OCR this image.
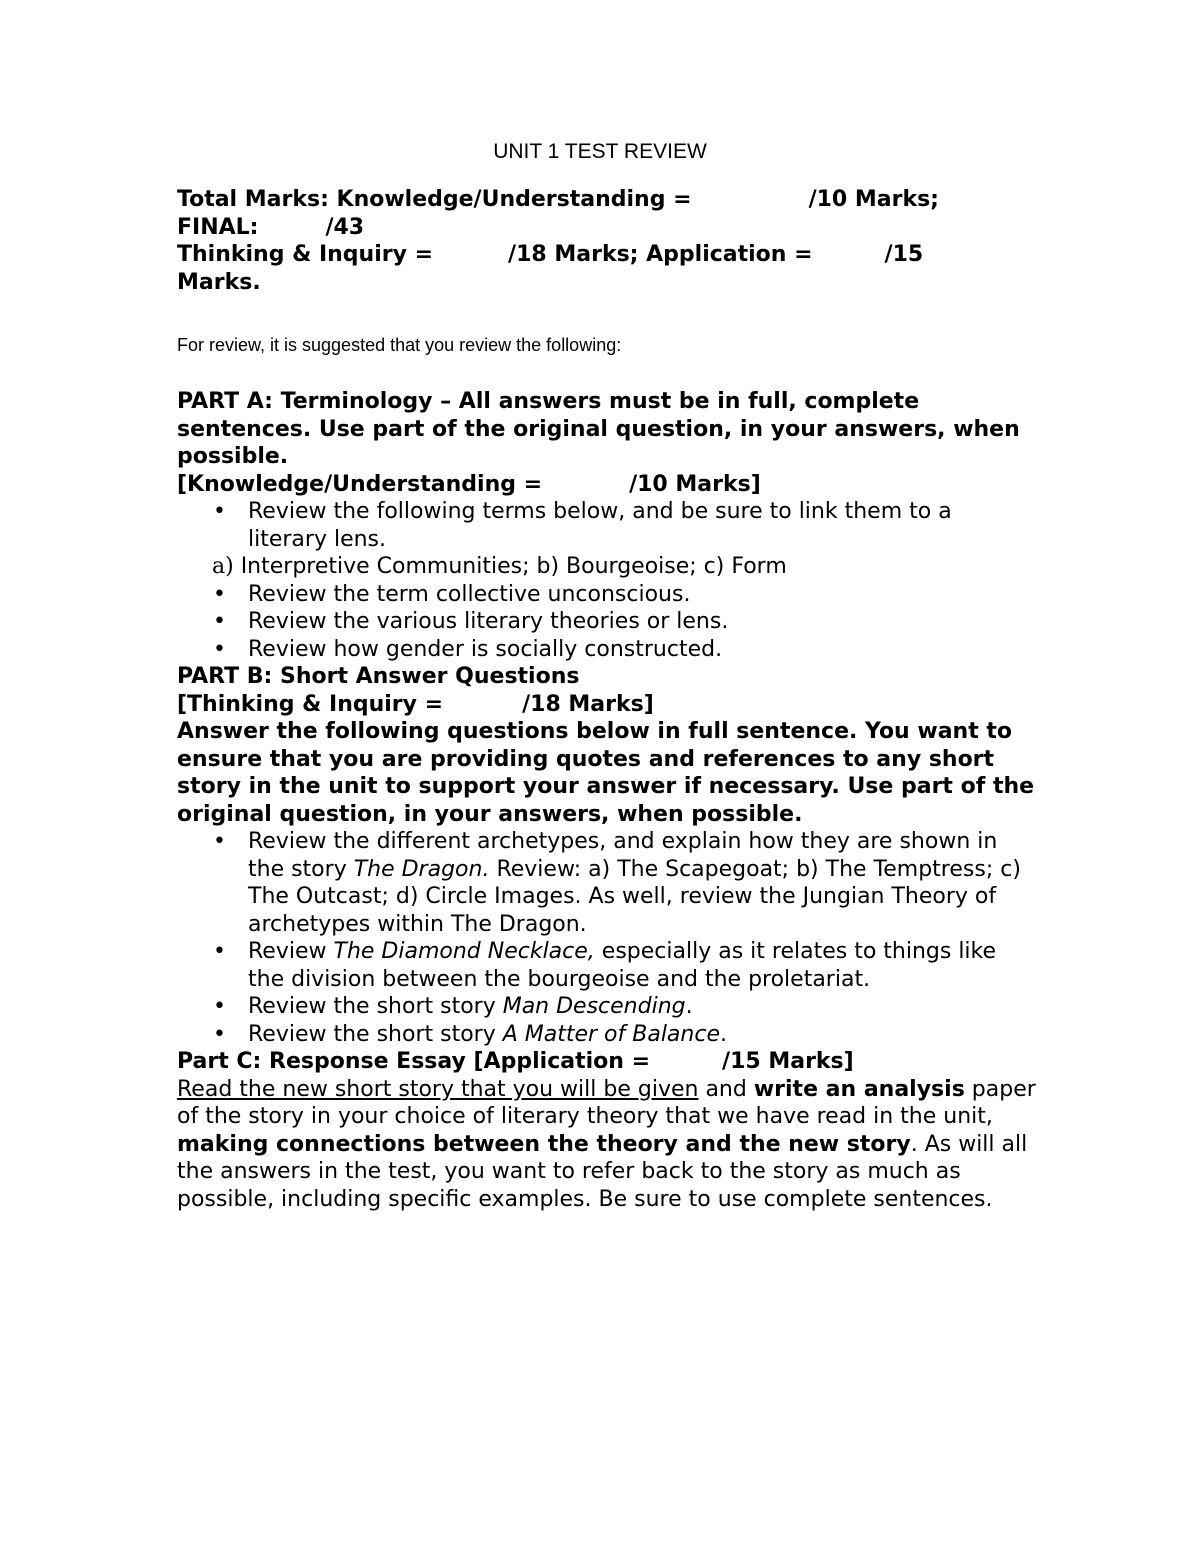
UNIT 1 TEST REVIEW
Total Marks: Knowledge/Understanding =	/10 Marks;
FINAL:	/43
Thinking & Inquiry =	/18 Marks; Application =	/15
Marks.
For review, it is suggested that you review the following:

PART A: Terminology – All answers must be in full, complete sentences. Use part of the original question, in your answers, when possible.

[Knowledge/Understanding =	/10 Marks]

• Review the following terms below, and be sure to link them to a literary lens.
a) Interpretive Communities; b) Bourgeoise; c) Form
• Review the term collective unconscious.
• Review the various literary theories or lens.
• Review how gender is socially constructed.

PART B: Short Answer Questions

[Thinking & Inquiry =	/18 Marks]

Answer the following questions below in full sentence. You want to ensure that you are providing quotes and references to any short story in the unit to support your answer if necessary. Use part of the original question, in your answers, when possible.

• Review the different archetypes, and explain how they are shown in the story The Dragon. Review: a) The Scapegoat; b) The Temptress; c) The Outcast; d) Circle Images. As well, review the Jungian Theory of archetypes within The Dragon.
• Review The Diamond Necklace, especially as it relates to things like the division between the bourgeoise and the proletariat.
• Review the short story Man Descending.
• Review the short story A Matter of Balance.

Part C: Response Essay [Application =	/15 Marks]

Read the new short story that you will be given and write an analysis paper of the story in your choice of literary theory that we have read in the unit, making connections between the theory and the new story. As will all the answers in the test, you want to refer back to the story as much as possible, including specific examples. Be sure to use complete sentences.
